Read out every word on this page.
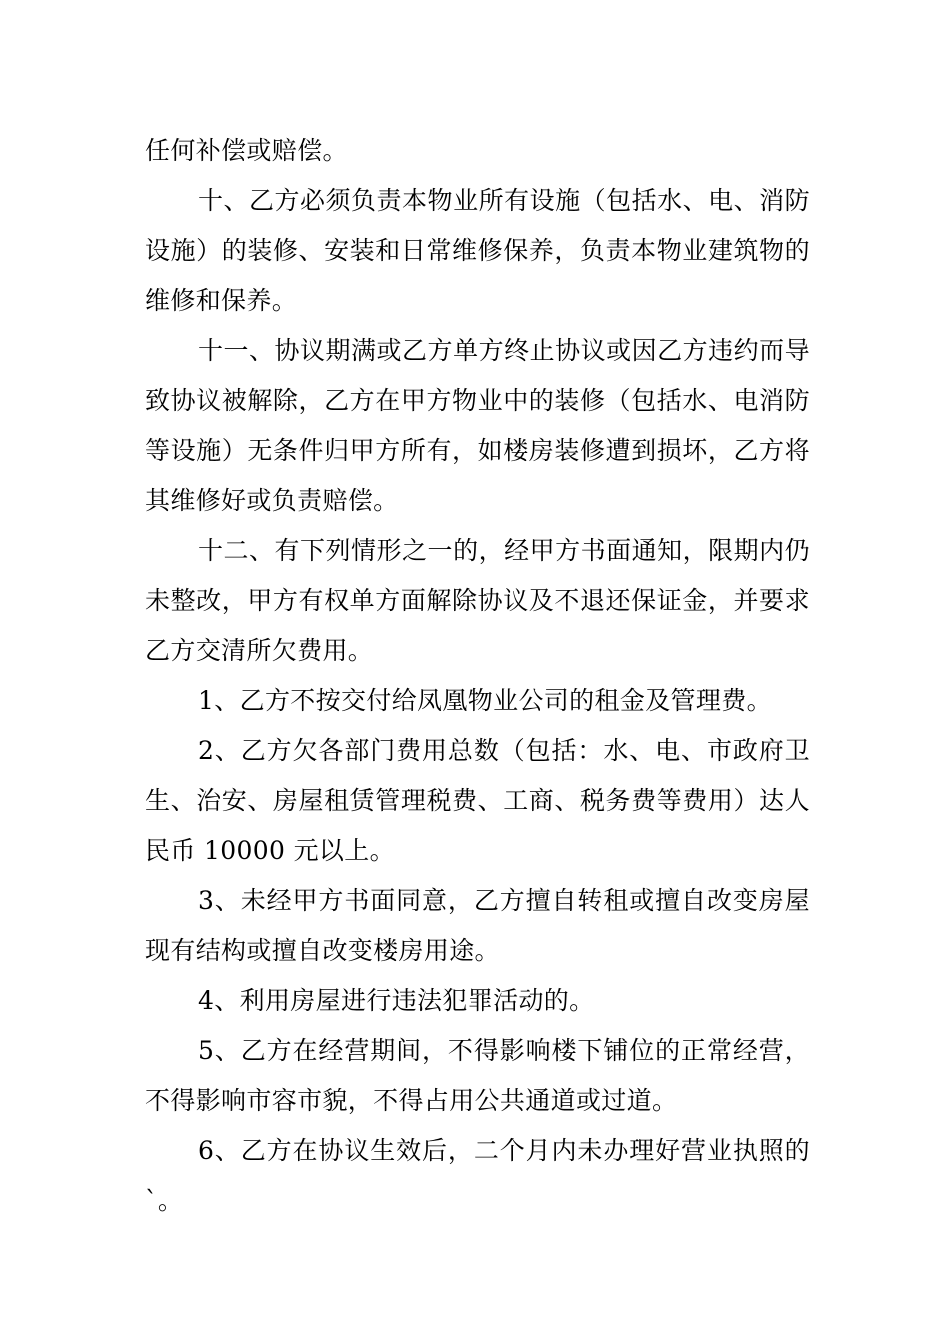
任何补偿或赔偿。

十、乙方必须负责本物业所有设施（包括水、电、消防设施）的装修、安装和日常维修保养，负责本物业建筑物的维修和保养。

十一、协议期满或乙方单方终止协议或因乙方违约而导致协议被解除，乙方在甲方物业中的装修（包括水、电消防等设施）无条件归甲方所有，如楼房装修遭到损坏，乙方将其维修好或负责赔偿。

十二、有下列情形之一的，经甲方书面通知，限期内仍未整改，甲方有权单方面解除协议及不退还保证金，并要求乙方交清所欠费用。

1、乙方不按交付给凤凰物业公司的租金及管理费。

2、乙方欠各部门费用总数（包括：水、电、市政府卫生、治安、房屋租赁管理税费、工商、税务费等费用）达人民币 10000 元以上。

3、未经甲方书面同意，乙方擅自转租或擅自改变房屋现有结构或擅自改变楼房用途。

4、利用房屋进行违法犯罪活动的。

5、乙方在经营期间，不得影响楼下铺位的正常经营，不得影响市容市貌，不得占用公共通道或过道。

6、乙方在协议生效后，二个月内未办理好营业执照的`。
